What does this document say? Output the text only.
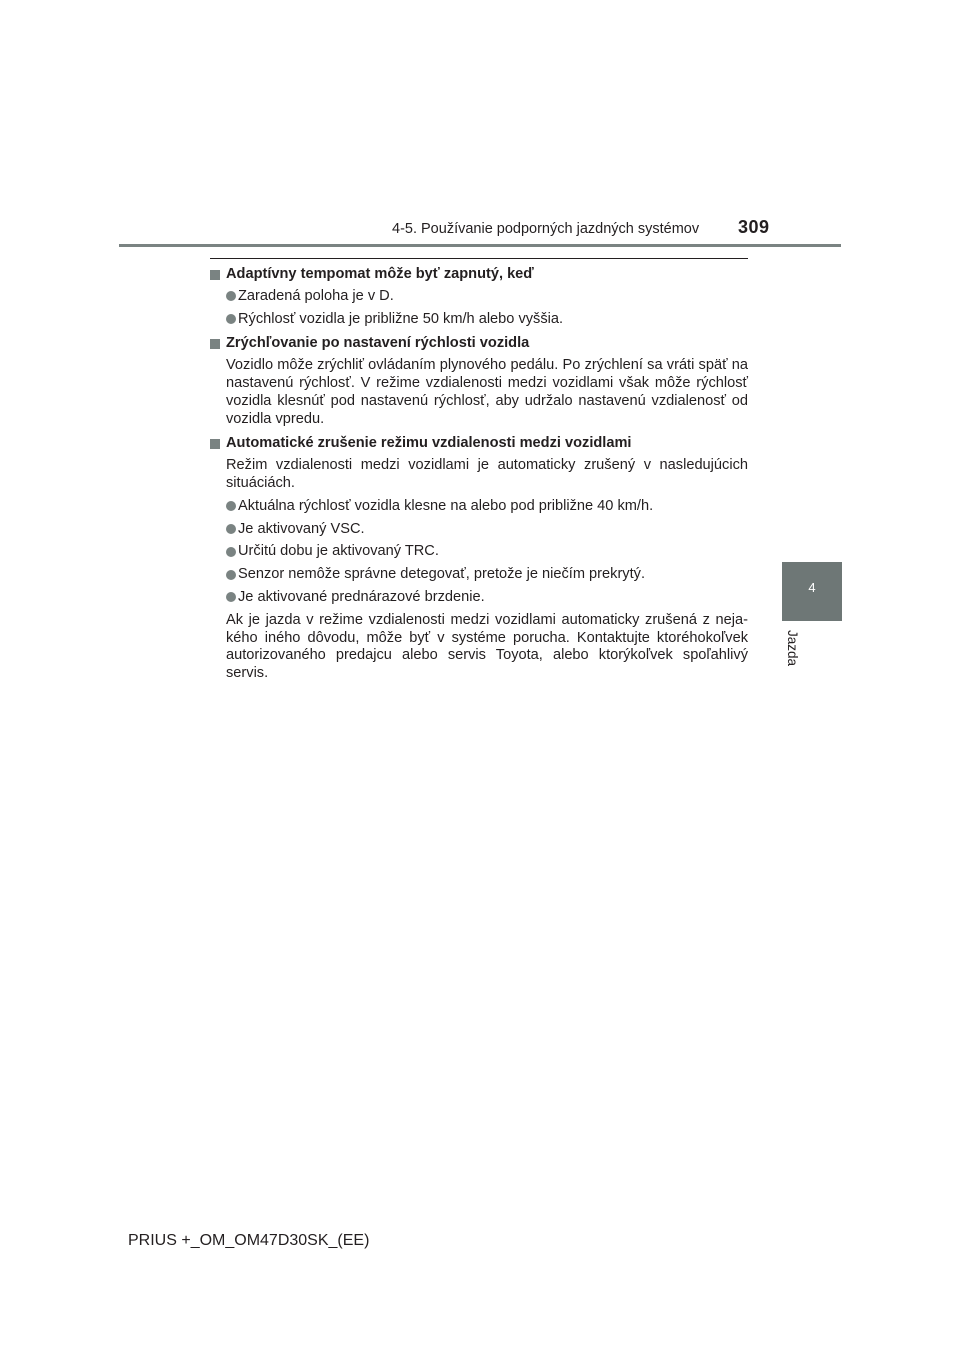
4-5. Používanie podporných jazdných systémov 309
4
Jazda
Adaptívny tempomat môže byť zapnutý, keď
Zaradená poloha je v D.
Rýchlosť vozidla je približne 50 km/h alebo vyššia.
Zrýchľovanie po nastavení rýchlosti vozidla
Vozidlo môže zrýchliť ovládaním plynového pedálu. Po zrýchlení sa vráti späť na nastavenú rýchlosť. V režime vzdialenosti medzi vozidlami však môže rýchlosť vozidla klesnúť pod nastavenú rýchlosť, aby udržalo nastavenú vzdialenosť od vozidla vpredu.
Automatické zrušenie režimu vzdialenosti medzi vozidlami
Režim vzdialenosti medzi vozidlami je automaticky zrušený v nasledujúcich situáciách.
Aktuálna rýchlosť vozidla klesne na alebo pod približne 40 km/h.
Je aktivovaný VSC.
Určitú dobu je aktivovaný TRC.
Senzor nemôže správne detegovať, pretože je niečím prekrytý.
Je aktivované prednárazové brzdenie.
Ak je jazda v režime vzdialenosti medzi vozidlami automaticky zrušená z nejakého iného dôvodu, môže byť v systéme porucha. Kontaktujte ktoréhokoľvek autorizovaného predajcu alebo servis Toyota, alebo ktorýkoľvek spoľahlivý servis.
PRIUS +_OM_OM47D30SK_(EE)
